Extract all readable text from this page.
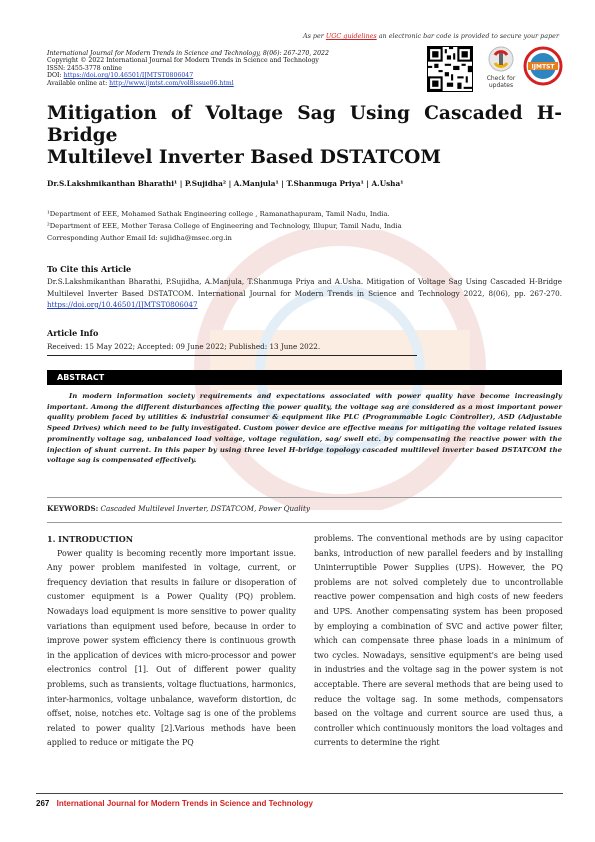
As per UGC guidelines an electronic bar code is provided to secure your paper
International Journal for Modern Trends in Science and Technology, 8(06): 267-270, 2022
Copyright © 2022 International Journal for Modern Trends in Science and Technology
ISSN: 2455-3778 online
DOI: https://doi.org/10.46501/IJMTST0806047
Available online at: http://www.ijmtst.com/vol8issue06.html
Check for
updates
IJMTST
Mitigation of Voltage Sag Using Cascaded H-Bridge
Multilevel Inverter Based DSTATCOM
Dr.S.Lakshmikanthan Bharathi¹ | P.Sujidha² | A.Manjula¹ | T.Shanmuga Priya¹ | A.Usha¹
¹Department of EEE, Mohamed Sathak Engineering college , Ramanathapuram, Tamil Nadu, India.
²Department of EEE, Mother Terasa College of Engineering and Technology, Illupur, Tamil Nadu, India
Corresponding Author Email Id: sujidha@msec.org.in
To Cite this Article
Dr.S.Lakshmikanthan Bharathi, P.Sujidha, A.Manjula, T.Shanmuga Priya and A.Usha. Mitigation of Voltage Sag Using Cascaded H-Bridge Multilevel Inverter Based DSTATCOM. International Journal for Modern Trends in Science and Technology 2022, 8(06), pp. 267-270. https://doi.org/10.46501/IJMTST0806047
Article Info
Received: 15 May 2022; Accepted: 09 June 2022; Published: 13 June 2022.
ABSTRACT
In modern information society requirements and expectations associated with power quality have become increasingly important. Among the different disturbances affecting the power quality, the voltage sag are considered as a most important power quality problem faced by utilities & industrial consumer & equipment like PLC (Programmable Logic Controller), ASD (Adjustable Speed Drives) which need to be fully investigated. Custom power device are effective means for mitigating the voltage related issues prominently voltage sag, unbalanced load voltage, voltage regulation, sag/ swell etc. by compensating the reactive power with the injection of shunt current. In this paper by using three level H-bridge topology cascaded multilevel inverter based DSTATCOM the voltage sag is compensated effectively.
KEYWORDS: Cascaded Multilevel Inverter, DSTATCOM, Power Quality
1. INTRODUCTION

Power quality is becoming recently more important issue. Any power problem manifested in voltage, current, or frequency deviation that results in failure or disoperation of customer equipment is a Power Quality (PQ) problem. Nowadays load equipment is more sensitive to power quality variations than equipment used before, because in order to improve power system efficiency there is continuous growth in the application of devices with micro-processor and power electronics control [1]. Out of different power quality problems, such as transients, voltage fluctuations, harmonics, inter-harmonics, voltage unbalance, waveform distortion, dc offset, noise, notches etc. Voltage sag is one of the problems related to power quality [2].Various methods have been applied to reduce or mitigate the PQ

problems. The conventional methods are by using capacitor banks, introduction of new parallel feeders and by installing Uninterruptible Power Supplies (UPS). However, the PQ problems are not solved completely due to uncontrollable reactive power compensation and high costs of new feeders and UPS. Another compensating system has been proposed by employing a combination of SVC and active power filter, which can compensate three phase loads in a minimum of two cycles. Nowadays, sensitive equipment's are being used in industries and the voltage sag in the power system is not acceptable. There are several methods that are being used to reduce the voltage sag. In some methods, compensators based on the voltage and current source are used thus, a controller which continuously monitors the load voltages and currents to determine the right

267 International Journal for Modern Trends in Science and Technology
